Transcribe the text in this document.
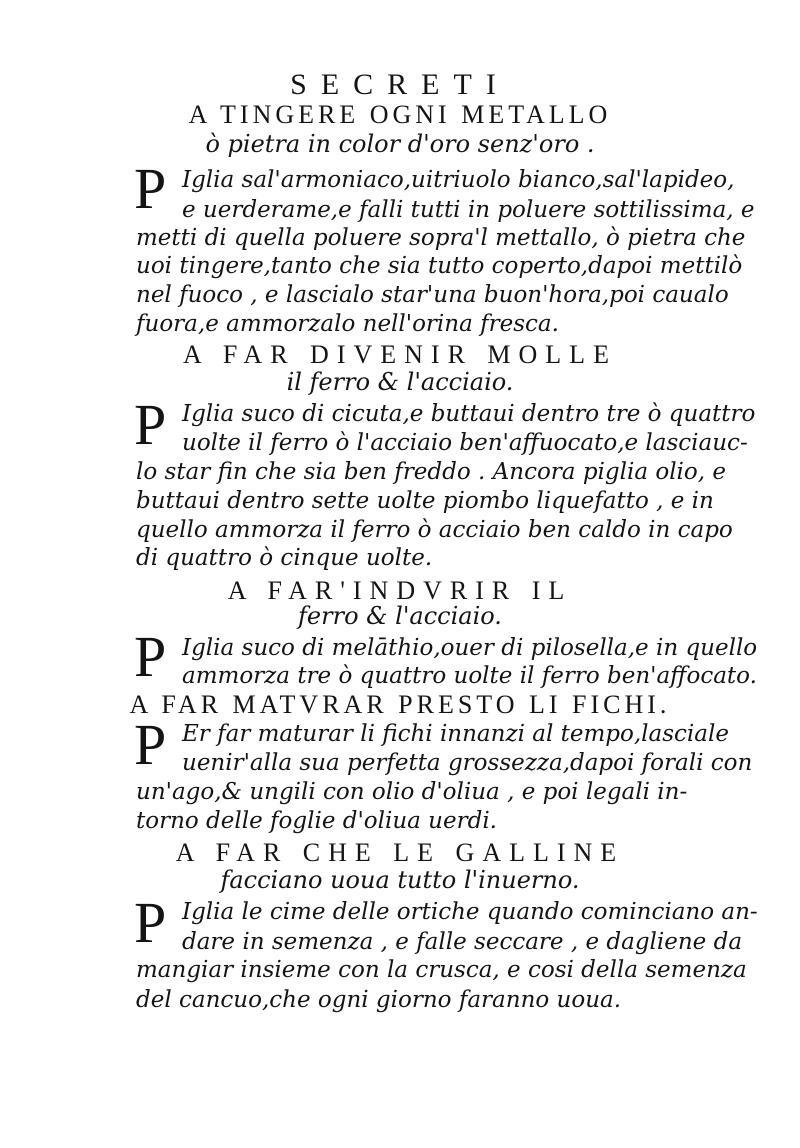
SECRETI
A TINGERE OGNI METALLO
ò pietra in color d'oro senz'oro .
P Iglia sal'armoniaco,uitriuolo bianco,sal'lapideo,
e uerderame,e falli tutti in poluere sottilissima, e
metti di quella poluere sopra'l mettallo, ò pietra che
uoi tingere,tanto che sia tutto coperto,dapoi mettilò
nel fuoco , e lascialo star'una buon'hora,poi caualo
fuora,e ammorzalo nell'orina fresca.
A FAR DIVENIR MOLLE
il ferro & l'acciaio.
P Iglia suco di cicuta,e buttaui dentro tre ò quattro
uolte il ferro ò l'acciaio ben'affuocato,e lasciauc-
lo star fin che sia ben freddo . Ancora piglia olio, e
buttaui dentro sette uolte piombo liquefatto , e in
quello ammorza il ferro ò acciaio ben caldo in capo
di quattro ò cinque uolte.
A FAR'INDVRIR IL
ferro & l'acciaio.
P Iglia suco di melāthio,ouer di pilosella,e in quello
ammorza tre ò quattro uolte il ferro ben'affocato.
A FAR MATVRAR PRESTO LI FICHI.
P Er far maturar li fichi innanzi al tempo,lasciale
uenir'alla sua perfetta grossezza,dapoi forali con
un'ago,& ungili con olio d'oliua , e poi legali in-
torno delle foglie d'oliua uerdi.
A FAR CHE LE GALLINE
facciano uoua tutto l'inuerno.
P Iglia le cime delle ortiche quando cominciano an-
dare in semenza , e falle seccare , e dagliene da
mangiar insieme con la crusca, e cosi della semenza
del cancuo,che ogni giorno faranno uoua.
